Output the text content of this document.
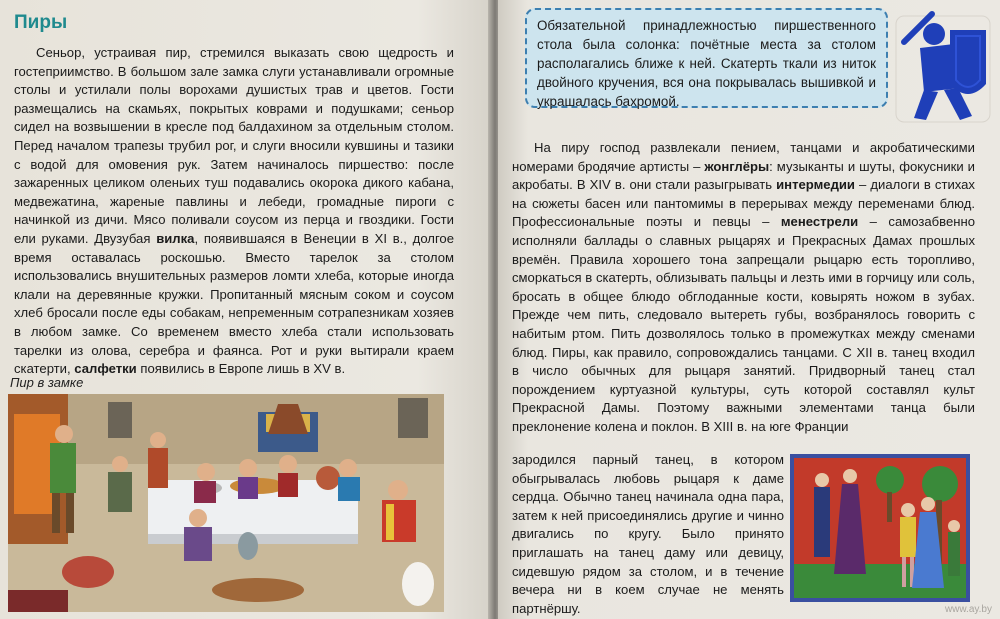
Пиры

Сеньор, устраивая пир, стремился выказать свою щедрость и гостеприимство. В большом зале замка слуги устанавливали огромные столы и устилали полы ворохами душистых трав и цветов. Гости размещались на скамьях, покрытых коврами и подушками; сеньор сидел на возвышении в кресле под балдахином за отдельным столом. Перед началом трапезы трубил рог, и слуги вносили кувшины и тазики с водой для омовения рук. Затем начиналось пиршество: после зажаренных целиком оленьих туш подавались окорока дикого кабана, медвежатина, жареные павлины и лебеди, громадные пироги с начинкой из дичи. Мясо поливали соусом из перца и гвоздики. Гости ели руками. Двузубая вилка, появившаяся в Венеции в XI в., долгое время оставалась роскошью. Вместо тарелок за столом использовались внушительных размеров ломти хлеба, которые иногда клали на деревянные кружки. Пропитанный мясным соком и соусом хлеб бросали после еды собакам, непременным сотрапезникам хозяев в любом замке. Со временем вместо хлеба стали использовать тарелки из олова, серебра и фаянса. Рот и руки вытирали краем скатерти, салфетки появились в Европе лишь в XV в.

Пир в замке
Обязательной принадлежностью пиршественного стола была солонка: почётные места за столом располагались ближе к ней. Скатерть ткали из ниток двойного кручения, вся она покрывалась вышивкой и украшалась бахромой.

На пиру господ развлекали пением, танцами и акробатическими номерами бродячие артисты – жонглёры: музыканты и шуты, фокусники и акробаты. В XIV в. они стали разыгрывать интермедии – диалоги в стихах на сюжеты басен или пантомимы в перерывах между переменами блюд. Профессиональные поэты и певцы – менестрели – самозабвенно исполняли баллады о славных рыцарях и Прекрасных Дамах прошлых времён. Правила хорошего тона запрещали рыцарю есть торопливо, сморкаться в скатерть, облизывать пальцы и лезть ими в горчицу или соль, бросать в общее блюдо обглоданные кости, ковырять ножом в зубах. Прежде чем пить, следовало вытереть губы, возбранялось говорить с набитым ртом. Пить дозволялось только в промежутках между сменами блюд. Пиры, как правило, сопровождались танцами. С XII в. танец входил в число обычных для рыцаря занятий. Придворный танец стал порождением куртуазной культуры, суть которой составлял культ Прекрасной Дамы. Поэтому важными элементами танца были преклонение колена и поклон. В XIII в. на юге Франции

зародился парный танец, в котором обыгрывалась любовь рыцаря к даме сердца. Обычно танец начинала одна пара, затем к ней присоединялись другие и чинно двигались по кругу. Было принято приглашать на танец даму или девицу, сидевшую рядом за столом, и в течение вечера ни в коем случае не менять партнёршу.	www.ay.by
